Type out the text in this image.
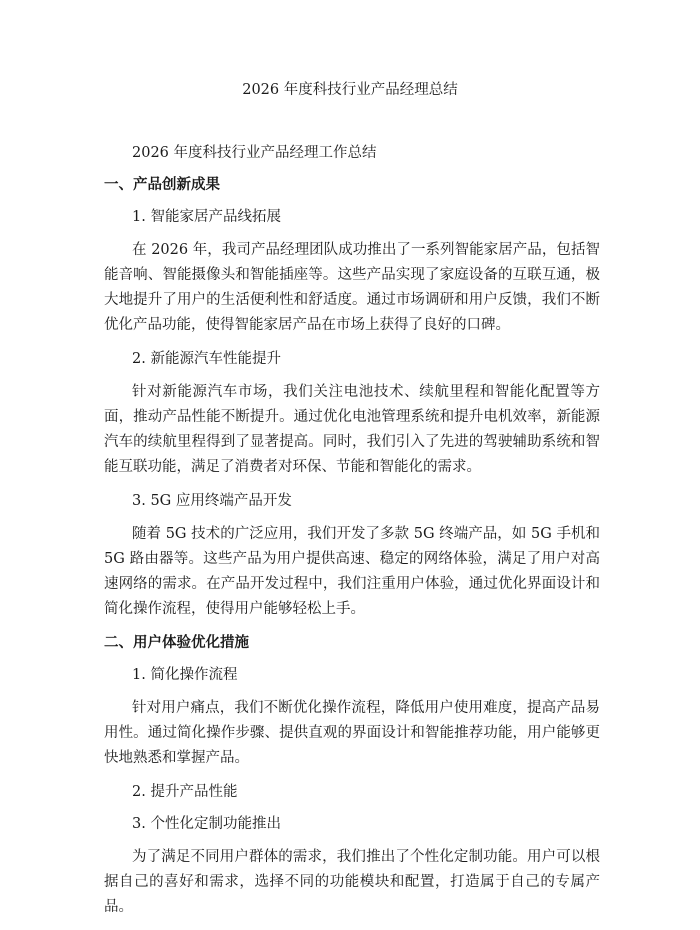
2026 年度科技行业产品经理总结

2026 年度科技行业产品经理工作总结

一、产品创新成果

1. 智能家居产品线拓展

在 2026 年，我司产品经理团队成功推出了一系列智能家居产品，包括智能音响、智能摄像头和智能插座等。这些产品实现了家庭设备的互联互通，极大地提升了用户的生活便利性和舒适度。通过市场调研和用户反馈，我们不断优化产品功能，使得智能家居产品在市场上获得了良好的口碑。

2. 新能源汽车性能提升

针对新能源汽车市场，我们关注电池技术、续航里程和智能化配置等方面，推动产品性能不断提升。通过优化电池管理系统和提升电机效率，新能源汽车的续航里程得到了显著提高。同时，我们引入了先进的驾驶辅助系统和智能互联功能，满足了消费者对环保、节能和智能化的需求。

3. 5G 应用终端产品开发

随着 5G 技术的广泛应用，我们开发了多款 5G 终端产品，如 5G 手机和 5G 路由器等。这些产品为用户提供高速、稳定的网络体验，满足了用户对高速网络的需求。在产品开发过程中，我们注重用户体验，通过优化界面设计和简化操作流程，使得用户能够轻松上手。

二、用户体验优化措施

1. 简化操作流程

针对用户痛点，我们不断优化操作流程，降低用户使用难度，提高产品易用性。通过简化操作步骤、提供直观的界面设计和智能推荐功能，用户能够更快地熟悉和掌握产品。

2. 提升产品性能

3. 个性化定制功能推出

为了满足不同用户群体的需求，我们推出了个性化定制功能。用户可以根据自己的喜好和需求，选择不同的功能模块和配置，打造属于自己的专属产品。
